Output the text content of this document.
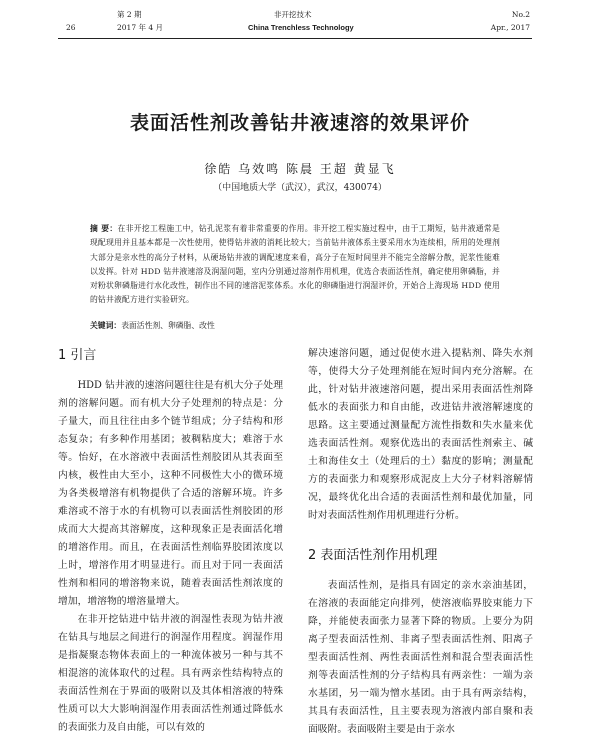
第 2 期	非开挖技术	No.2
26	2017 年 4 月	China Trenchless Technology	Apr., 2017
表面活性剂改善钻井液速溶的效果评价
徐皓 乌效鸣 陈晨 王超 黄显飞
（中国地质大学（武汉），武汉，430074）
摘 要：在非开挖工程施工中，钻孔泥浆有着非常重要的作用。非开挖工程实施过程中，由于工期短，钻井液通常是现配现用并且基本都是一次性使用，使得钻井液的消耗比较大；当前钻井液体系主要采用水为连续相，所用的处理剂大部分是亲水性的高分子材料，从硬场钻井液的调配速度来看，高分子在短时间里并不能完全溶解分散，泥浆性能难以发挥。针对 HDD 钻井液速溶及润湿问题，室内分别通过溶剂作用机理，优选合表面活性剂，确定使用卵磷脂，并对粉状卵磷脂进行水化改性，制作出不同的速溶泥浆体系。水化的卵磷脂进行润湿评价，开始合上海现场 HDD 使用的钻井液配方进行实验研究。
关键词：表面活性剂、卵磷脂、改性
1 引言

HDD 钻井液的速溶问题往往是有机大分子处理剂的溶解问题。而有机大分子处理剂的特点是：分子量大，而且往往由多个链节组成；分子结构和形态复杂；有多种作用基团；被稠粘度大；难溶于水等。怡好，在水溶液中表面活性剂胶团从其表面至内核，极性由大至小，这种不同极性大小的微环境为各类极增溶有机物提供了合适的溶解环境。许多难溶或不溶于水的有机物可以表面活性剂胶团的形成而大大提高其溶解度，这种现象正是表面活化增的增溶作用。而且，在表面活性剂临界胶团浓度以上时，增溶作用才明显进行。而且对于同一表面活性剂和相同的增溶物来说，随着表面活性剂浓度的增加，增溶物的增溶量增大。

在非开挖钻进中钻井液的润湿性表现为钻井液在钻具与地层之间进行的润湿作用程度。润湿作用是指凝聚态物体表面上的一种流体被另一种与其不相混溶的流体取代的过程。具有两亲性结构特点的表面活性剂在于界面的吸附以及其体相溶液的特殊性质可以大大影响润湿作用表面活性剂通过降低水的表面张力及自由能，可以有效的

解决速溶问题，通过促使水进入提粘剂、降失水剂等，使得大分子处理剂能在短时间内充分溶解。在此，针对钻井液速溶问题，提出采用表面活性剂降低水的表面张力和自由能，改进钻井液溶解速度的思路。这主要通过测量配方流性指数和失水量来优选表面活性剂。观察优选出的表面活性剂索主、碱土和海佳女土（处理后的土）黏度的影响；测量配方的表面张力和观察形成泥皮上大分子材料溶解情况，最终优化出合适的表面活性剂和最优加量，同时对表面活性剂作用机理进行分析。

2 表面活性剂作用机理

表面活性剂，是指具有固定的亲水亲油基团，在溶液的表面能定向排列，使溶液临界胶束能力下降，并能使表面张力显著下降的物质。上要分为阴离子型表面活性剂、非离子型表面活性剂、阳离子型表面活性剂、两性表面活性剂和混合型表面活性剂等表面活性剂的分子结构具有两亲性：一端为亲水基团，另一端为憎水基团。由于具有两亲结构，其具有表面活性，且主要表现为溶液内部自聚和表面吸附。表面吸附主要是由于亲水
